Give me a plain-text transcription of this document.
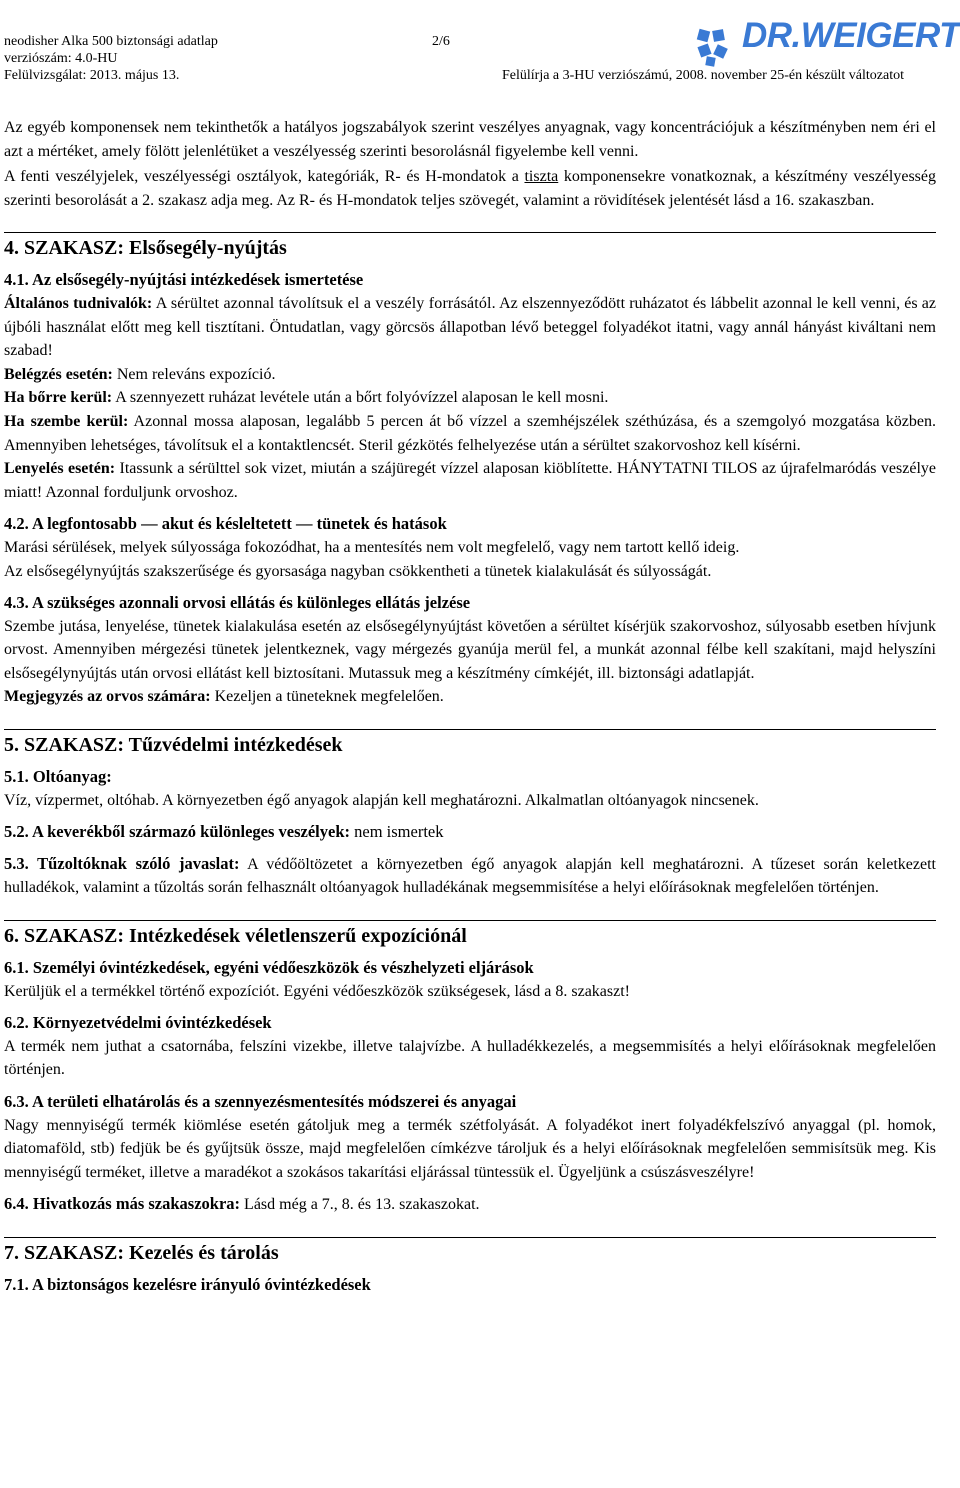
neodisher Alka 500 biztonsági adatlap
verziószám: 4.0-HU
Felülvizsgálat: 2013. május 13.
2/6
Felülírja a 3-HU verziószámú, 2008. november 25-én készült változatot
DR.WEIGERT

Az egyéb komponensek nem tekinthetők a hatályos jogszabályok szerint veszélyes anyagnak, vagy koncentrációjuk a készítményben nem éri el azt a mértéket, amely fölött jelenlétüket a veszélyesség szerinti besorolásnál figyelembe kell venni.

A fenti veszélyjelek, veszélyességi osztályok, kategóriák, R- és H-mondatok a tiszta komponensekre vonatkoznak, a készítmény veszélyesség szerinti besorolását a 2. szakasz adja meg. Az R- és H-mondatok teljes szövegét, valamint a rövidítések jelentését lásd a 16. szakaszban.

4. SZAKASZ: Elsősegély-nyújtás
4.1. Az elsősegély-nyújtási intézkedések ismertetése

Általános tudnivalók: A sérültet azonnal távolítsuk el a veszély forrásától. Az elszennyeződött ruházatot és lábbelit azonnal le kell venni, és az újbóli használat előtt meg kell tisztítani. Öntudatlan, vagy görcsös állapotban lévő beteggel folyadékot itatni, vagy annál hányást kiváltani nem szabad!

Belégzés esetén: Nem releváns expozíció.

Ha bőrre kerül: A szennyezett ruházat levétele után a bőrt folyóvízzel alaposan le kell mosni.

Ha szembe kerül: Azonnal mossa alaposan, legalább 5 percen át bő vízzel a szemhéjszélek széthúzása, és a szemgolyó mozgatása közben. Amennyiben lehetséges, távolítsuk el a kontaktlencsét. Steril gézkötés felhelyezése után a sérültet szakorvoshoz kell kísérni.

Lenyelés esetén: Itassunk a sérülttel sok vizet, miután a szájüregét vízzel alaposan kiöblítette. HÁNYTATNI TILOS az újrafelmaródás veszélye miatt! Azonnal forduljunk orvoshoz.

4.2. A legfontosabb — akut és késleltetett — tünetek és hatások

Marási sérülések, melyek súlyossága fokozódhat, ha a mentesítés nem volt megfelelő, vagy nem tartott kellő ideig.

Az elsősegélynyújtás szakszerűsége és gyorsasága nagyban csökkentheti a tünetek kialakulását és súlyosságát.

4.3. A szükséges azonnali orvosi ellátás és különleges ellátás jelzése

Szembe jutása, lenyelése, tünetek kialakulása esetén az elsősegélynyújtást követően a sérültet kísérjük szakorvoshoz, súlyosabb esetben hívjunk orvost. Amennyiben mérgezési tünetek jelentkeznek, vagy mérgezés gyanúja merül fel, a munkát azonnal félbe kell szakítani, majd helyszíni elsősegélynyújtás után orvosi ellátást kell biztosítani. Mutassuk meg a készítmény címkéjét, ill. biztonsági adatlapját.

Megjegyzés az orvos számára: Kezeljen a tüneteknek megfelelően.

5. SZAKASZ: Tűzvédelmi intézkedések
5.1. Oltóanyag:

Víz, vízpermet, oltóhab. A környezetben égő anyagok alapján kell meghatározni. Alkalmatlan oltóanyagok nincsenek.

5.2. A keverékből származó különleges veszélyek: nem ismertek

5.3. Tűzoltóknak szóló javaslat: A védőöltözetet a környezetben égő anyagok alapján kell meghatározni. A tűzeset során keletkezett hulladékok, valamint a tűzoltás során felhasznált oltóanyagok hulladékának megsemmisítése a helyi előírásoknak megfelelően történjen.

6. SZAKASZ: Intézkedések véletlenszerű expozíciónál
6.1. Személyi óvintézkedések, egyéni védőeszközök és vészhelyzeti eljárások

Kerüljük el a termékkel történő expozíciót. Egyéni védőeszközök szükségesek, lásd a 8. szakaszt!

6.2. Környezetvédelmi óvintézkedések

A termék nem juthat a csatornába, felszíni vizekbe, illetve talajvízbe. A hulladékkezelés, a megsemmisítés a helyi előírásoknak megfelelően történjen.

6.3. A területi elhatárolás és a szennyezésmentesítés módszerei és anyagai

Nagy mennyiségű termék kiömlése esetén gátoljuk meg a termék szétfolyását. A folyadékot inert folyadékfelszívó anyaggal (pl. homok, diatomaföld, stb) fedjük be és gyűjtsük össze, majd megfelelően címkézve tároljuk és a helyi előírásoknak megfelelően semmisítsük meg. Kis mennyiségű terméket, illetve a maradékot a szokásos takarítási eljárással tüntessük el. Ügyeljünk a csúszásveszélyre!

6.4. Hivatkozás más szakaszokra: Lásd még a 7., 8. és 13. szakaszokat.

7. SZAKASZ: Kezelés és tárolás
7.1. A biztonságos kezelésre irányuló óvintézkedések
